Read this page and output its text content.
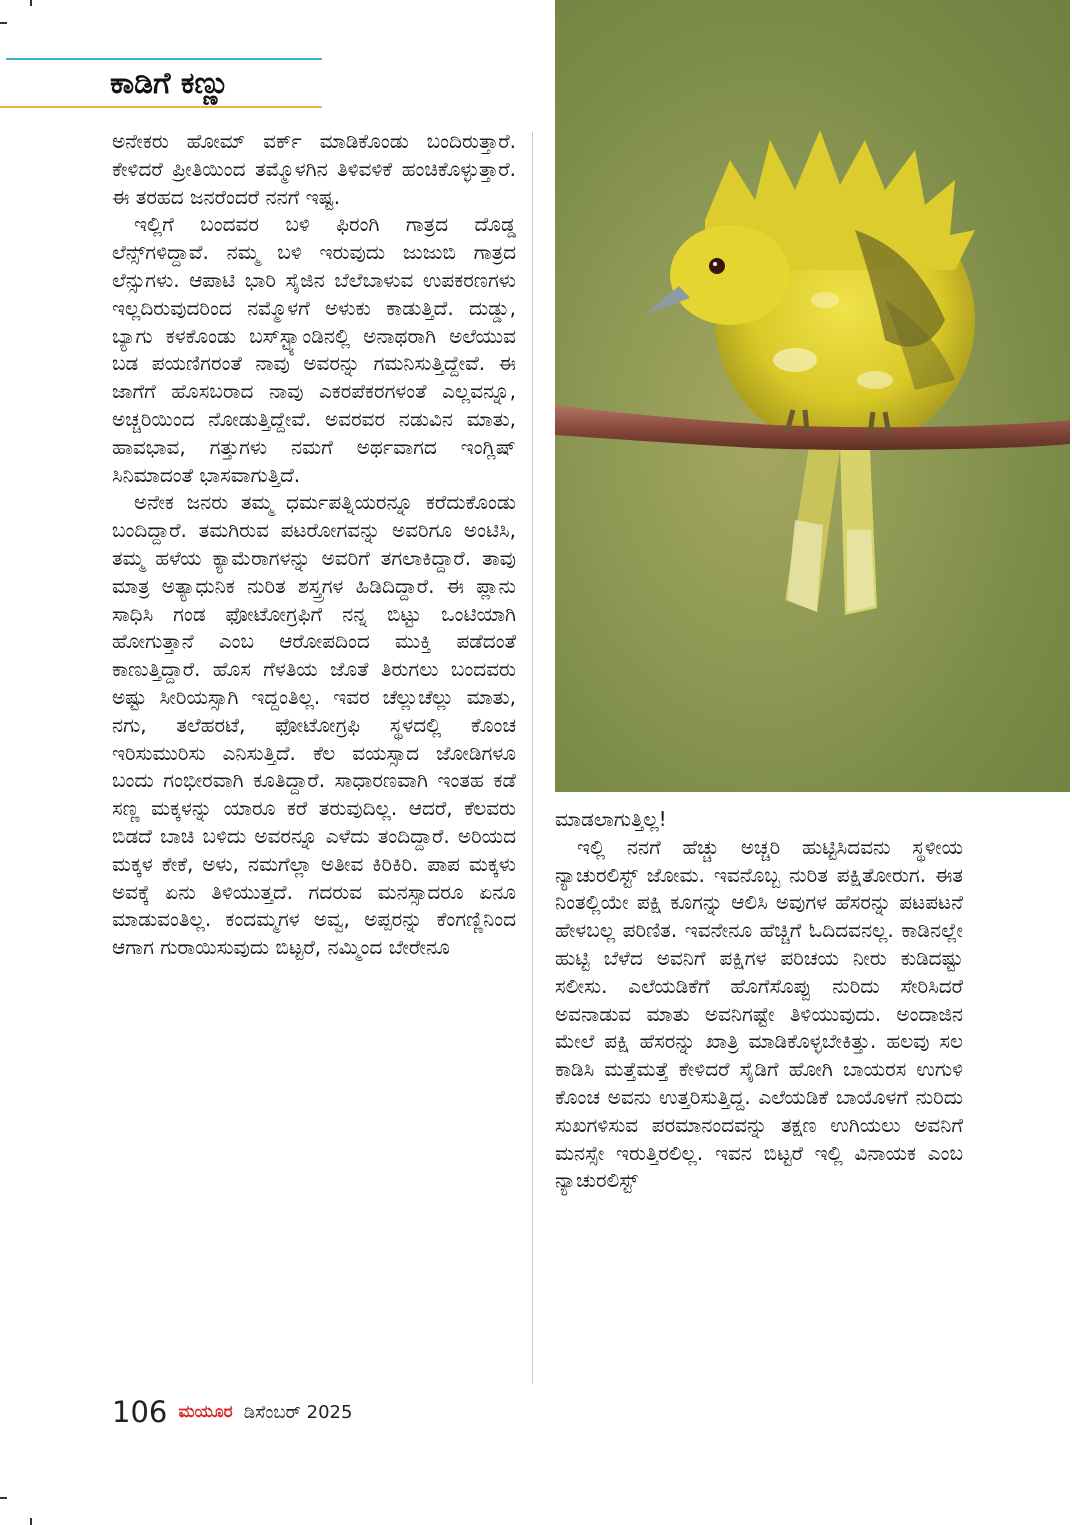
ಕಾಡಿಗೆ ಕಣ್ಣು

ಅನೇಕರು ಹೋಮ್ ವರ್ಕ್ ಮಾಡಿಕೊಂಡು ಬಂದಿರುತ್ತಾರೆ. ಕೇಳಿದರೆ ಪ್ರೀತಿಯಿಂದ ತಮ್ಮೊಳಗಿನ ತಿಳಿವಳಿಕೆ ಹಂಚಿಕೊಳ್ಳುತ್ತಾರೆ. ಈ ತರಹದ ಜನರೆಂದರೆ ನನಗೆ ಇಷ್ಟ.

ಇಲ್ಲಿಗೆ ಬಂದವರ ಬಳಿ ಫಿರಂಗಿ ಗಾತ್ರದ ದೊಡ್ಡ ಲೆನ್ಸ್‌ಗಳಿದ್ದಾವೆ. ನಮ್ಮ ಬಳಿ ಇರುವುದು ಜುಜುಬಿ ಗಾತ್ರದ ಲೆನ್ಸುಗಳು. ಆಪಾಟಿ ಭಾರಿ ಸೈಜಿನ ಬೆಲೆಬಾಳುವ ಉಪಕರಣಗಳು ಇಲ್ಲದಿರುವುದರಿಂದ ನಮ್ಮೊಳಗೆ ಅಳುಕು ಕಾಡುತ್ತಿದೆ. ದುಡ್ಡು, ಬ್ಯಾಗು ಕಳಕೊಂಡು ಬಸ್‌ಸ್ಟ್ಯಾಂಡಿನಲ್ಲಿ ಅನಾಥರಾಗಿ ಅಲೆಯುವ ಬಡ ಪಯಣಿಗರಂತೆ ನಾವು ಅವರನ್ನು ಗಮನಿಸುತ್ತಿದ್ದೇವೆ. ಈ ಜಾಗೆಗೆ ಹೊಸಬರಾದ ನಾವು ಎಕರಪೆಕರಗಳಂತೆ ಎಲ್ಲವನ್ನೂ, ಅಚ್ಚರಿಯಿಂದ ನೋಡುತ್ತಿದ್ದೇವೆ. ಅವರವರ ನಡುವಿನ ಮಾತು, ಹಾವಭಾವ, ಗತ್ತುಗಳು ನಮಗೆ ಅರ್ಥವಾಗದ ಇಂಗ್ಲಿಷ್ ಸಿನಿಮಾದಂತೆ ಭಾಸವಾಗುತ್ತಿದೆ.

ಅನೇಕ ಜನರು ತಮ್ಮ ಧರ್ಮಪತ್ನಿಯರನ್ನೂ ಕರೆದುಕೊಂಡು ಬಂದಿದ್ದಾರೆ. ತಮಗಿರುವ ಪಟರೋಗವನ್ನು ಅವರಿಗೂ ಅಂಟಿಸಿ, ತಮ್ಮ ಹಳೆಯ ಕ್ಯಾಮೆರಾಗಳನ್ನು ಅವರಿಗೆ ತಗಲಾಕಿದ್ದಾರೆ. ತಾವು ಮಾತ್ರ ಅತ್ಯಾಧುನಿಕ ನುರಿತ ಶಸ್ತ್ರಗಳ ಹಿಡಿದಿದ್ದಾರೆ. ಈ ಪ್ಲಾನು ಸಾಧಿಸಿ ಗಂಡ ಫೋಟೋಗ್ರಫಿಗೆ ನನ್ನ ಬಿಟ್ಟು ಒಂಟಿಯಾಗಿ ಹೋಗುತ್ತಾನೆ ಎಂಬ ಆರೋಪದಿಂದ ಮುಕ್ತಿ ಪಡೆದಂತೆ ಕಾಣುತ್ತಿದ್ದಾರೆ. ಹೊಸ ಗೆಳತಿಯ ಜೊತೆ ತಿರುಗಲು ಬಂದವರು ಅಷ್ಟು ಸೀರಿಯಸ್ಸಾಗಿ ಇದ್ದಂತಿಲ್ಲ. ಇವರ ಚೆಲ್ಲುಚೆಲ್ಲು ಮಾತು, ನಗು, ತಲೆಹರಟೆ, ಫೋಟೋಗ್ರಫಿ ಸ್ಥಳದಲ್ಲಿ ಕೊಂಚ ಇರಿಸುಮುರಿಸು ಎನಿಸುತ್ತಿದೆ. ಕೆಲ ವಯಸ್ಸಾದ ಜೋಡಿಗಳೂ ಬಂದು ಗಂಭೀರವಾಗಿ ಕೂತಿದ್ದಾರೆ. ಸಾಧಾರಣವಾಗಿ ಇಂತಹ ಕಡೆ ಸಣ್ಣ ಮಕ್ಕಳನ್ನು ಯಾರೂ ಕರೆ ತರುವುದಿಲ್ಲ. ಆದರೆ, ಕೆಲವರು ಬಿಡದೆ ಬಾಚಿ ಬಳಿದು ಅವರನ್ನೂ ಎಳೆದು ತಂದಿದ್ದಾರೆ. ಅರಿಯದ ಮಕ್ಕಳ ಕೇಕೆ, ಅಳು, ನಮಗೆಲ್ಲಾ ಅತೀವ ಕಿರಿಕಿರಿ. ಪಾಪ ಮಕ್ಕಳು ಅವಕ್ಕೆ ಏನು ತಿಳಿಯುತ್ತದೆ. ಗದರುವ ಮನಸ್ಸಾದರೂ ಏನೂ ಮಾಡುವಂತಿಲ್ಲ. ಕಂದಮ್ಮಗಳ ಅವ್ವ, ಅಪ್ಪರನ್ನು ಕೆಂಗಣ್ಣಿನಿಂದ ಆಗಾಗ ಗುರಾಯಿಸುವುದು ಬಿಟ್ಟರೆ, ನಮ್ಮಿಂದ ಬೇರೇನೂ

ಮಾಡಲಾಗುತ್ತಿಲ್ಲ!

ಇಲ್ಲಿ ನನಗೆ ಹೆಚ್ಚು ಅಚ್ಚರಿ ಹುಟ್ಟಿಸಿದವನು ಸ್ಥಳೀಯ ನ್ಯಾಚುರಲಿಸ್ಟ್ ಜೋಮ. ಇವನೊಬ್ಬ ನುರಿತ ಪಕ್ಷಿತೋರುಗ. ಈತ ನಿಂತಲ್ಲಿಯೇ ಪಕ್ಷಿ ಕೂಗನ್ನು ಆಲಿಸಿ ಅವುಗಳ ಹೆಸರನ್ನು ಪಟಪಟನೆ ಹೇಳಬಲ್ಲ ಪರಿಣಿತ. ಇವನೇನೂ ಹೆಚ್ಚಿಗೆ ಓದಿದವನಲ್ಲ. ಕಾಡಿನಲ್ಲೇ ಹುಟ್ಟಿ ಬೆಳೆದ ಅವನಿಗೆ ಪಕ್ಷಿಗಳ ಪರಿಚಯ ನೀರು ಕುಡಿದಷ್ಟು ಸಲೀಸು. ಎಲೆಯಡಿಕೆಗೆ ಹೊಗೆಸೊಪ್ಪು ನುರಿದು ಸೇರಿಸಿದರೆ ಅವನಾಡುವ ಮಾತು ಅವನಿಗಷ್ಟೇ ತಿಳಿಯುವುದು. ಅಂದಾಜಿನ ಮೇಲೆ ಪಕ್ಷಿ ಹೆಸರನ್ನು ಖಾತ್ರಿ ಮಾಡಿಕೊಳ್ಳಬೇಕಿತ್ತು. ಹಲವು ಸಲ ಕಾಡಿಸಿ ಮತ್ತೆಮತ್ತೆ ಕೇಳಿದರೆ ಸೈಡಿಗೆ ಹೋಗಿ ಬಾಯರಸ ಉಗುಳಿ ಕೊಂಚ ಅವನು ಉತ್ತರಿಸುತ್ತಿದ್ದ. ಎಲೆಯಡಿಕೆ ಬಾಯೊಳಗೆ ನುರಿದು ಸುಖಗಳಿಸುವ ಪರಮಾನಂದವನ್ನು ತಕ್ಷಣ ಉಗಿಯಲು ಅವನಿಗೆ ಮನಸ್ಸೇ ಇರುತ್ತಿರಲಿಲ್ಲ. ಇವನ ಬಿಟ್ಟರೆ ಇಲ್ಲಿ ವಿನಾಯಕ ಎಂಬ ನ್ಯಾಚುರಲಿಸ್ಟ್

106 ಮಯೂರ ಡಿಸೆಂಬರ್ 2025
